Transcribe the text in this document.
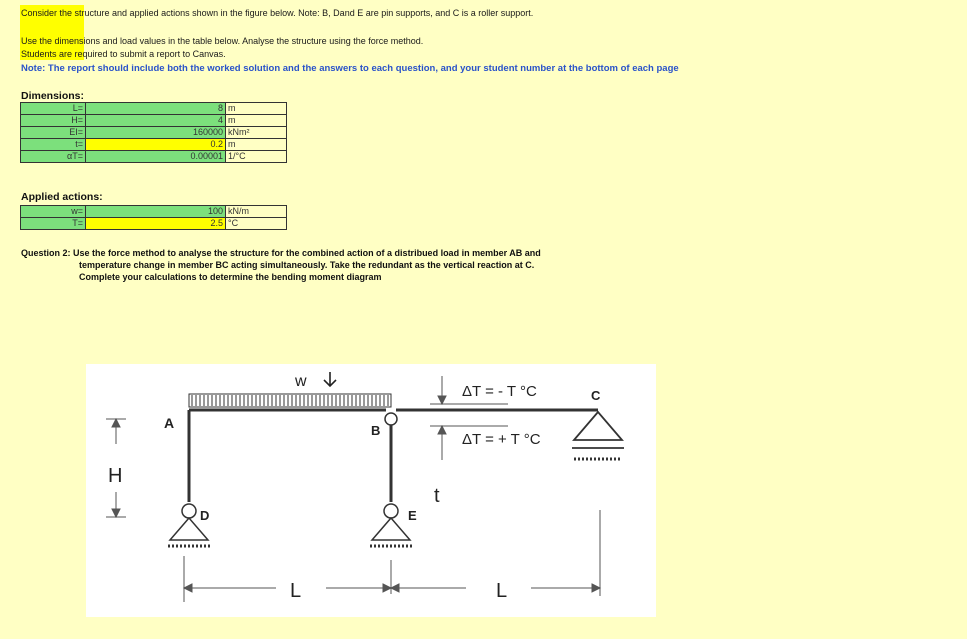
Consider the structure and applied actions shown in the figure below. Note: B, Dand E are pin supports, and C is a roller support.
Use the dimensions and load values in the table below. Analyse the structure using the force method.
Students are required to submit a report to Canvas.
Note: The report should include both the worked solution and the answers to each question, and your student number at the bottom of each page
Dimensions:
L=	8	m
H=	4	m
EI=	160000	kNm²
t=	0.2	m
αT=	0.00001	1/°C
Applied actions:
w=	100	kN/m
T=	2.5	°C
Question 2: Use the force method to analyse the structure for the combined action of a distribued load in member AB and
temperature change in member BC acting simultaneously. Take the redundant as the vertical reaction at C.
Complete your calculations to determine the bending moment diagram
w
A	B
C
D	E
H
t
L	L
ΔT = - T °C
ΔT = + T °C
